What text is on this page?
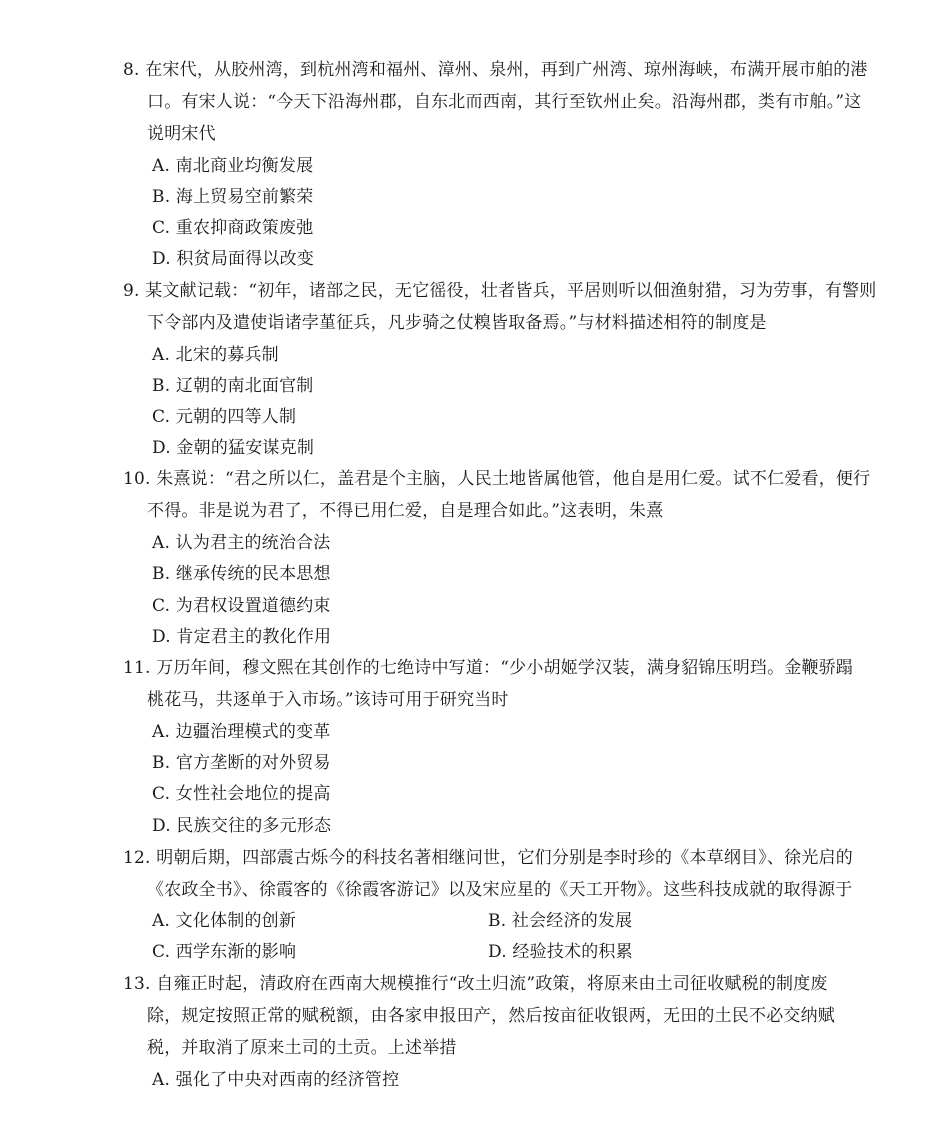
8. 在宋代，从胶州湾，到杭州湾和福州、漳州、泉州，再到广州湾、琼州海峡，布满开展市舶的港
口。有宋人说：“今天下沿海州郡，自东北而西南，其行至钦州止矣。沿海州郡，类有市舶。”这
说明宋代
A. 南北商业均衡发展
B. 海上贸易空前繁荣
C. 重农抑商政策废弛
D. 积贫局面得以改变
9. 某文献记载：“初年，诸部之民，无它徭役，壮者皆兵，平居则听以佃渔射猎，习为劳事，有警则
下令部内及遣使诣诸孛堇征兵，凡步骑之仗糗皆取备焉。”与材料描述相符的制度是
A. 北宋的募兵制
B. 辽朝的南北面官制
C. 元朝的四等人制
D. 金朝的猛安谋克制
10. 朱熹说：“君之所以仁，盖君是个主脑，人民土地皆属他管，他自是用仁爱。试不仁爱看，便行
不得。非是说为君了，不得已用仁爱，自是理合如此。”这表明，朱熹
A. 认为君主的统治合法
B. 继承传统的民本思想
C. 为君权设置道德约束
D. 肯定君主的教化作用
11. 万历年间，穆文熙在其创作的七绝诗中写道：“少小胡姬学汉装，满身貂锦压明珰。金鞭骄蹋
桃花马，共逐单于入市场。”该诗可用于研究当时
A. 边疆治理模式的变革
B. 官方垄断的对外贸易
C. 女性社会地位的提高
D. 民族交往的多元形态
12. 明朝后期，四部震古烁今的科技名著相继问世，它们分别是李时珍的《本草纲目》、徐光启的
《农政全书》、徐霞客的《徐霞客游记》以及宋应星的《天工开物》。这些科技成就的取得源于
A. 文化体制的创新	B. 社会经济的发展
C. 西学东渐的影响	D. 经验技术的积累
13. 自雍正时起，清政府在西南大规模推行“改土归流”政策，将原来由土司征收赋税的制度废
除，规定按照正常的赋税额，由各家申报田产，然后按亩征收银两，无田的土民不必交纳赋
税，并取消了原来土司的土贡。上述举措
A. 强化了中央对西南的经济管控
